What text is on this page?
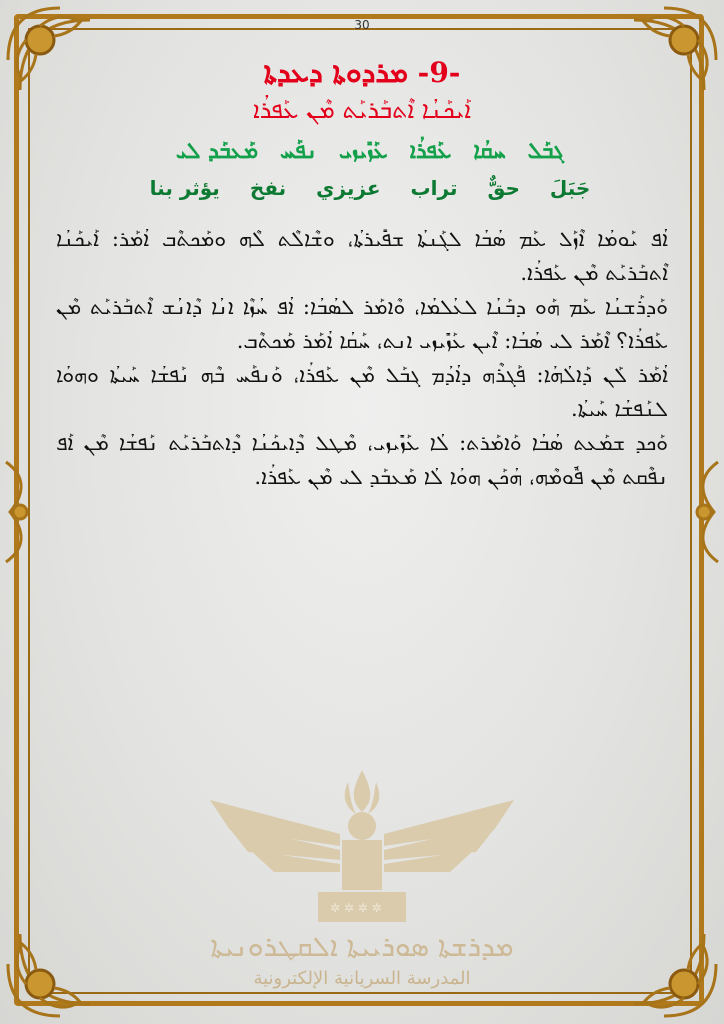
30
-9- ܡܪܕܘܬܐ ܕܥܕܬܐ
ܐܰܝܟܰܢܳܐ ܐܶܬܒܰܪܝܰܬ ܡܶܢ ܥܰܦܪܳܐ
ܓܒܰܠ
ܚܩܳܐ
ܥܰܦܪܳܐ
ܥܰܙܺܝܙܝ
ܢܦܰܚ
ܡܰܥܒܰܕ ܠܝ
جَبَلَ
حقٌّ
تراب
عزيزي
نفخ
يؤثر بنا

ܐܳܦ ܝܰܘܡܳܐ ܐܶܙܰܠ ܥܰܡ ܣܳܒܳܐ ܠܓܰܢܬܳܐ ܫܦܺܝܪܬܳܐ، ܘܫܶܐܠܶܬ ܠܶܗ ܘܡܰܟܬܶܒ ܐܳܡܰܪ: ܐܰܝܟܰܢܳܐ ܐܶܬܒܰܪܝܰܬ ܡܶܢ ܥܰܦܪܳܐ.

ܘܰܕܪܰܫܢܳܐ ܥܰܡ ܗܰܘ ܕܒܰܢܳܐ ܠܥܳܠܡܳܐ، ܘܶܐܡܰܪ ܠܣܳܒܳܐ: ܐܳܦ ܚܳܙܶܐ ܐܢܳܐ ܕܶܐܢܳܫ ܐܶܬܒܰܪܝܰܬ ܡܶܢ ܥܰܦܪܳܐ؟ ܐܶܡܰܪ ܠܝ ܣܳܒܳܐ: ܐܶܝܢ ܥܰܙܺܝܙܝ ܐܢܬ، ܚܰܩܳܐ ܐܳܡܰܪ ܡܰܟܬܶܒ.

ܐܳܡܰܪ ܠܰܢ ܕܰܐܠܳܗܳܐ: ܦܰܓܪܶܗ ܕܐܳܕܳܡ ܓܒܰܠ ܡܶܢ ܥܰܦܪܳܐ، ܘܰܢܦܰܚ ܒܶܗ ܢܰܦܫܳܐ ܚܰܝܬܳܐ ܘܗܘܳܐ ܠܢܰܦܫܳܐ ܚܰܝܬܳܐ.

ܘܰܟܕ ܫܡܰܥܬ ܣܳܒܳܐ ܘܰܐܡܰܪܬ: ܠܳܐ ܥܰܙܺܝܙܝ، ܡܶܛܠ ܕܶܐܝܟܰܢܳܐ ܕܶܐܬܒܰܪܝܰܬ ܢܰܦܫܳܐ ܡܶܢ ܐܰܦ ܢܦܶܩܬ ܡܶܢ ܦܽܘܡܶܗ، ܗܳܟܰܢ ܗܘܳܐ ܠܳܐ ܡܰܥܒܰܕ ܠܝ ܡܶܢ ܥܰܦܪܳܐ.

✲ ✲ ✲ ✲
ܡܕܪܫܬܐ ܣܘܪܝܝܬܐ ܐܠܩܛܪܘܢܝܬܐ
المدرسة السريانية الإلكترونية
